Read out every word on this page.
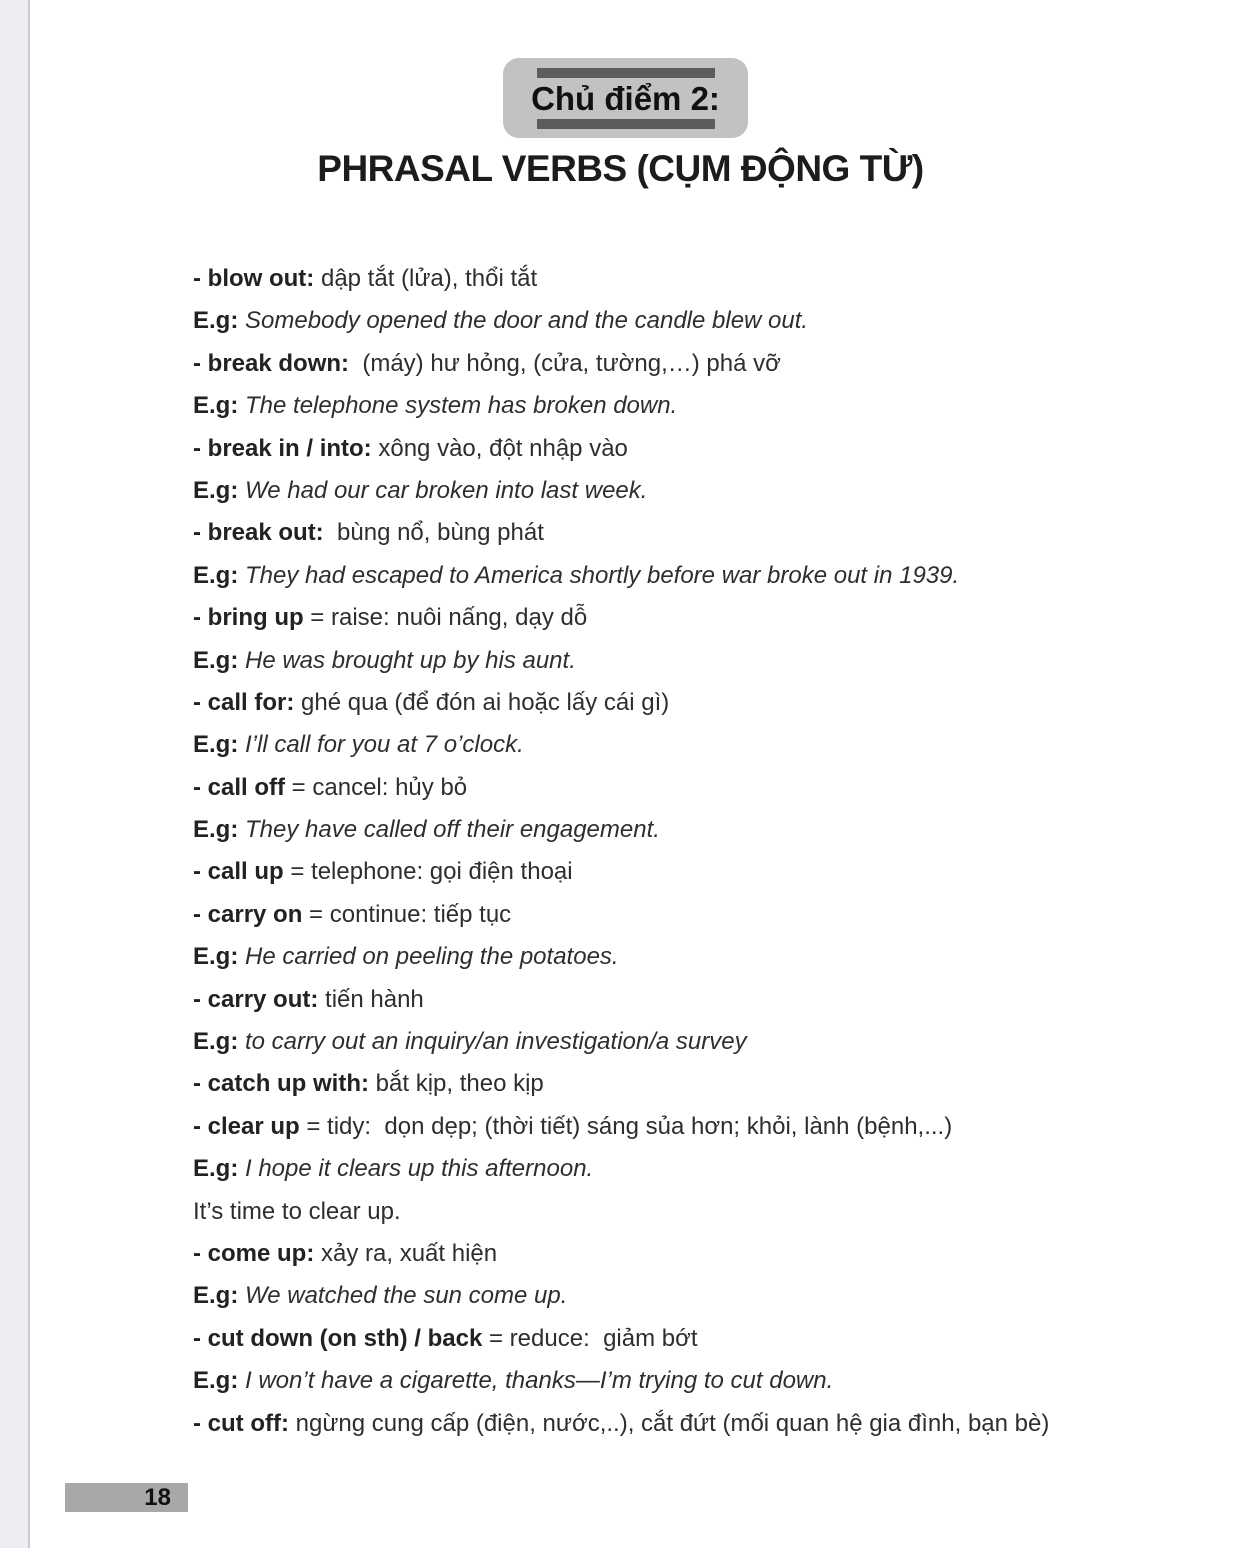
Chủ điểm 2:
PHRASAL VERBS (CỤM ĐỘNG TỪ)
- blow out: dập tắt (lửa), thổi tắt
E.g: Somebody opened the door and the candle blew out.
- break down:  (máy) hư hỏng, (cửa, tường,…) phá vỡ
E.g: The telephone system has broken down.
- break in / into: xông vào, đột nhập vào
E.g: We had our car broken into last week.
- break out:  bùng nổ, bùng phát
E.g: They had escaped to America shortly before war broke out in 1939.
- bring up = raise: nuôi nấng, dạy dỗ
E.g: He was brought up by his aunt.
- call for: ghé qua (để đón ai hoặc lấy cái gì)
E.g: I’ll call for you at 7 o’clock.
- call off = cancel: hủy bỏ
E.g: They have called off their engagement.
- call up = telephone: gọi điện thoại
- carry on = continue: tiếp tục
E.g: He carried on peeling the potatoes.
- carry out: tiến hành
E.g: to carry out an inquiry/an investigation/a survey
- catch up with: bắt kịp, theo kịp
- clear up = tidy:  dọn dẹp; (thời tiết) sáng sủa hơn; khỏi, lành (bệnh,...)
E.g: I hope it clears up this afternoon.
It’s time to clear up.
- come up: xảy ra, xuất hiện
E.g: We watched the sun come up.
- cut down (on sth) / back = reduce:  giảm bớt
E.g: I won’t have a cigarette, thanks—I’m trying to cut down.
- cut off: ngừng cung cấp (điện, nước,..), cắt đứt (mối quan hệ gia đình, bạn bè)
18
